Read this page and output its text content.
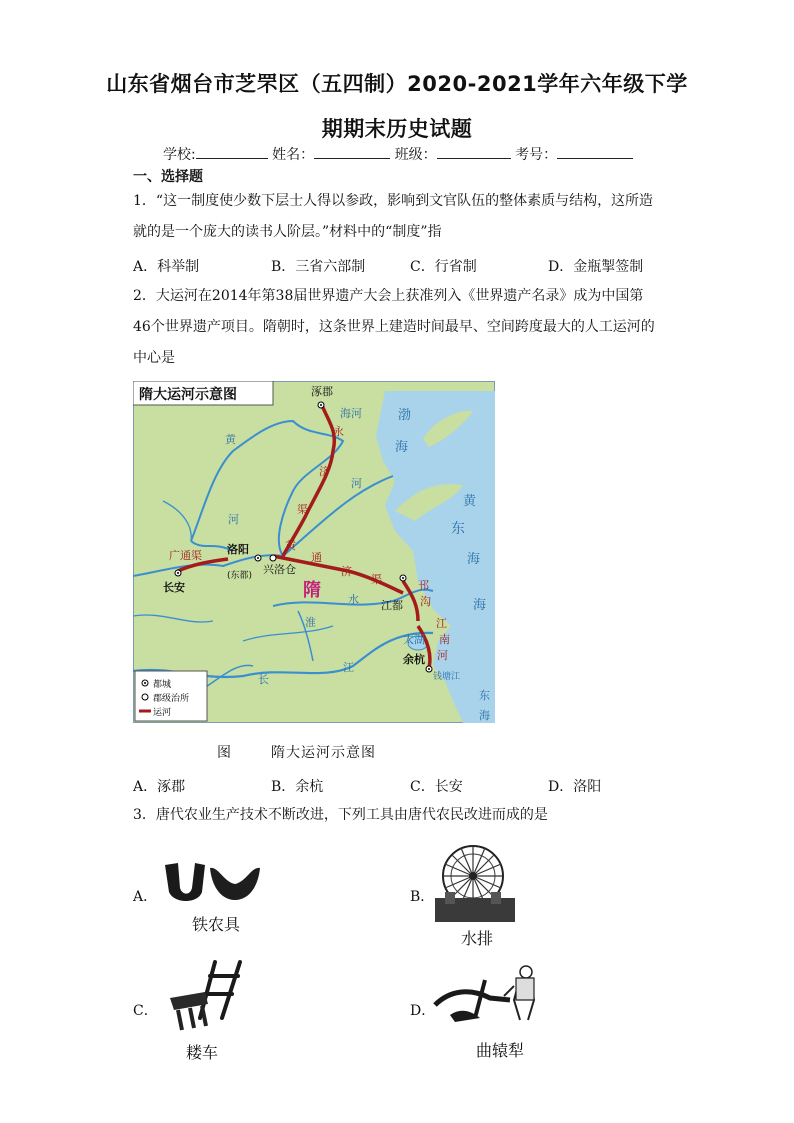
山东省烟台市芝罘区（五四制）2020-2021学年六年级下学
期期末历史试题
学校:	姓名：	班级：	考号：
一、选择题
1．“这一制度使少数下层士人得以参政，影响到文官队伍的整体素质与结构，这所造
就的是一个庞大的读书人阶层。”材料中的“制度”指
A．科举制	B．三省六部制	C．行省制	D．金瓶掣签制
2．大运河在2014年第38届世界遗产大会上获准列入《世界遗产名录》成为中国第
46个世界遗产项目。隋朝时，这条世界上建造时间最早、空间跨度最大的人工运河的
中心是
隋大运河示意图	涿郡
海河	渤
海
永
济
渠
河
黄
河
黄
东
海
海
广通渠
长安
洛阳
(东都) 兴洛仓
隋
黄
通
济
渠
淮
水 江都
邗
沟
江
南
河
太湖
余杭
钱塘江
长
江
东
海
都城
郡级治所
运河
图	隋大运河示意图
A．涿郡	B．余杭	C．长安	D．洛阳
3．唐代农业生产技术不断改进，下列工具由唐代农民改进而成的是
A．
铁农具
B．
水排
C．
耧车
D．
曲辕犁
